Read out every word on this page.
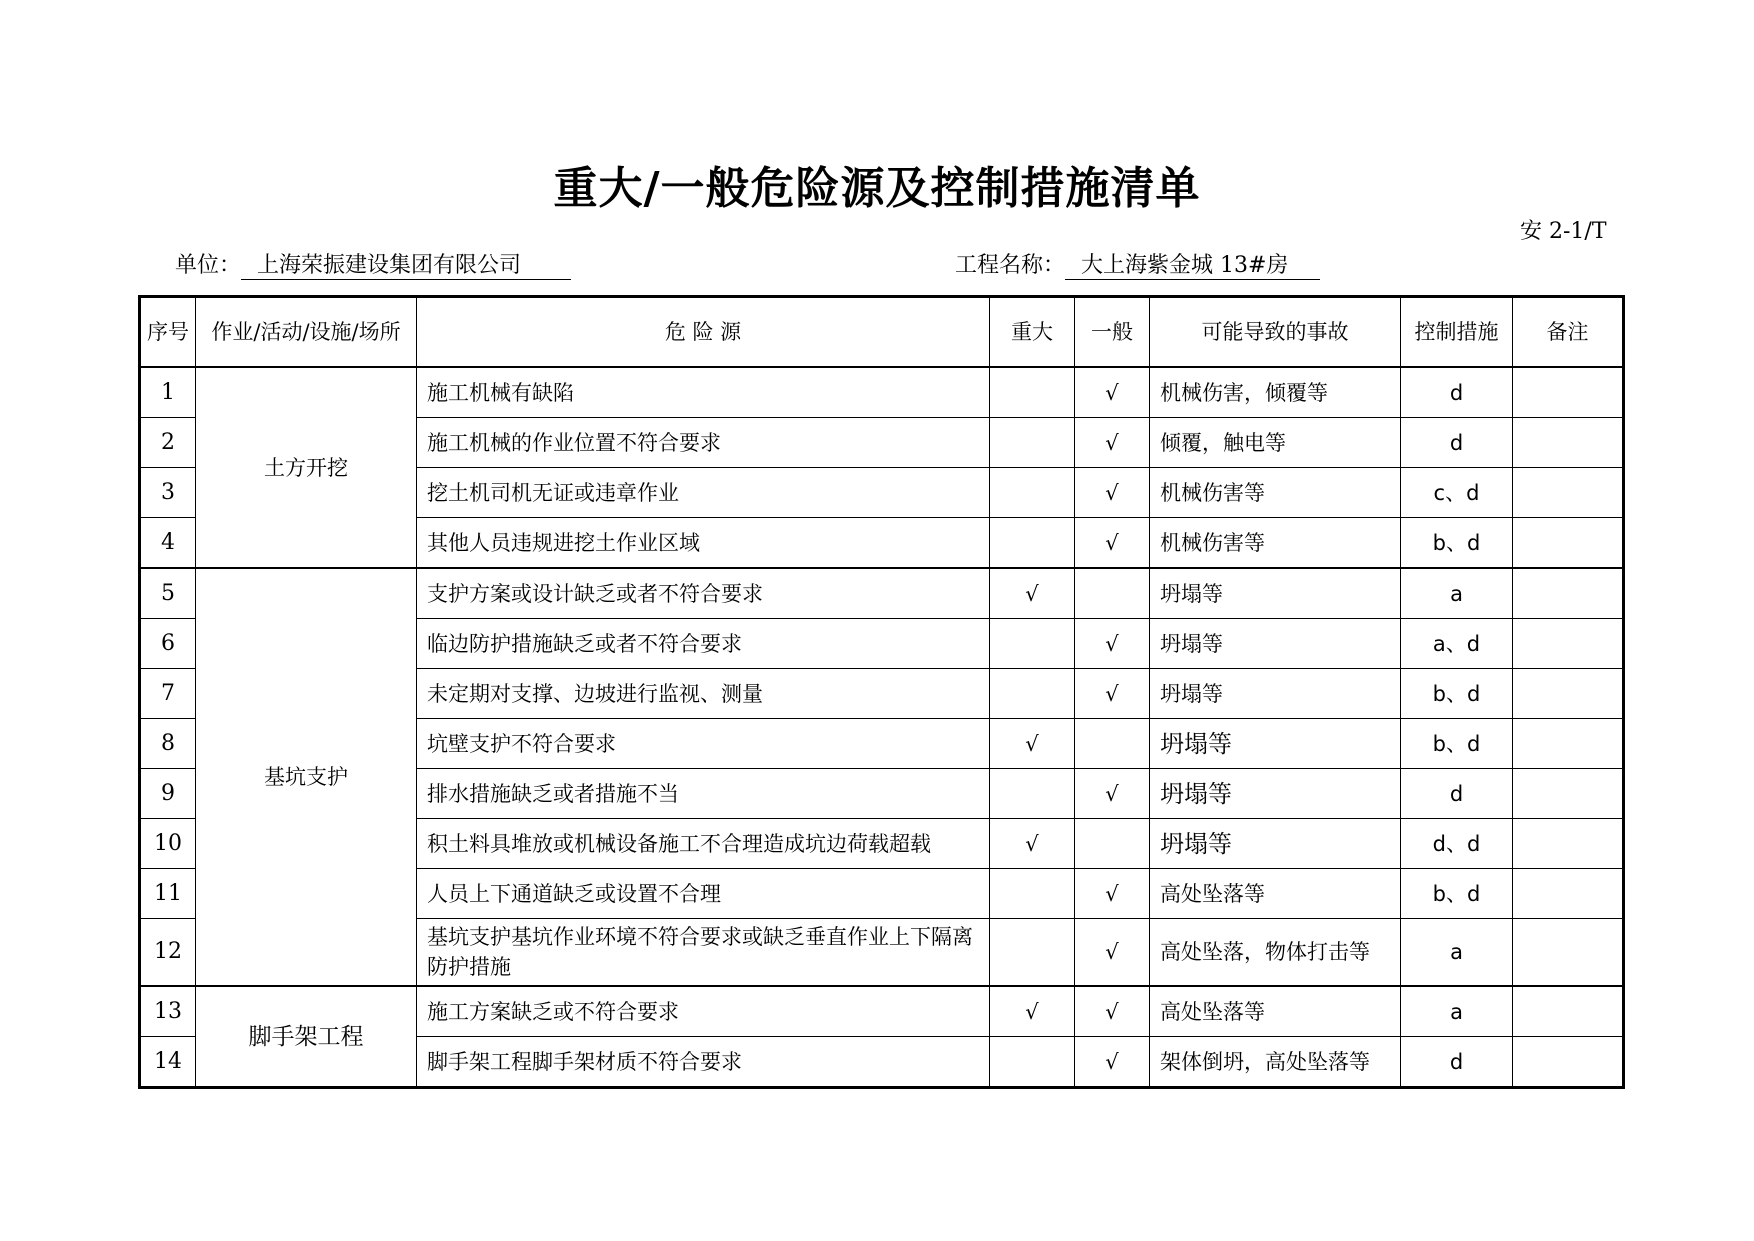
重大/一般危险源及控制措施清单
安 2-1/T
单位： 上海荣振建设集团有限公司	工程名称： 大上海紫金城 13#房
序号	作业/活动/设施/场所	危 险 源	重大	一般	可能导致的事故	控制措施	备注
1	土方开挖	施工机械有缺陷		√	机械伤害，倾覆等	d	
2		施工机械的作业位置不符合要求		√	倾覆，触电等	d	
3		挖土机司机无证或违章作业		√	机械伤害等	c、d	
4		其他人员违规进挖土作业区域		√	机械伤害等	b、d	
5	基坑支护	支护方案或设计缺乏或者不符合要求	√		坍塌等	a	
6		临边防护措施缺乏或者不符合要求		√	坍塌等	a、d	
7		未定期对支撑、边坡进行监视、测量		√	坍塌等	b、d	
8		坑壁支护不符合要求	√		坍塌等	b、d	
9		排水措施缺乏或者措施不当		√	坍塌等	d	
10		积土料具堆放或机械设备施工不合理造成坑边荷载超载	√		坍塌等	d、d	
11		人员上下通道缺乏或设置不合理		√	高处坠落等	b、d	
12		基坑支护基坑作业环境不符合要求或缺乏垂直作业上下隔离防护措施		√	高处坠落，物体打击等	a	
13	脚手架工程	施工方案缺乏或不符合要求	√	√	高处坠落等	a	
14		脚手架工程脚手架材质不符合要求		√	架体倒坍，高处坠落等	d	
